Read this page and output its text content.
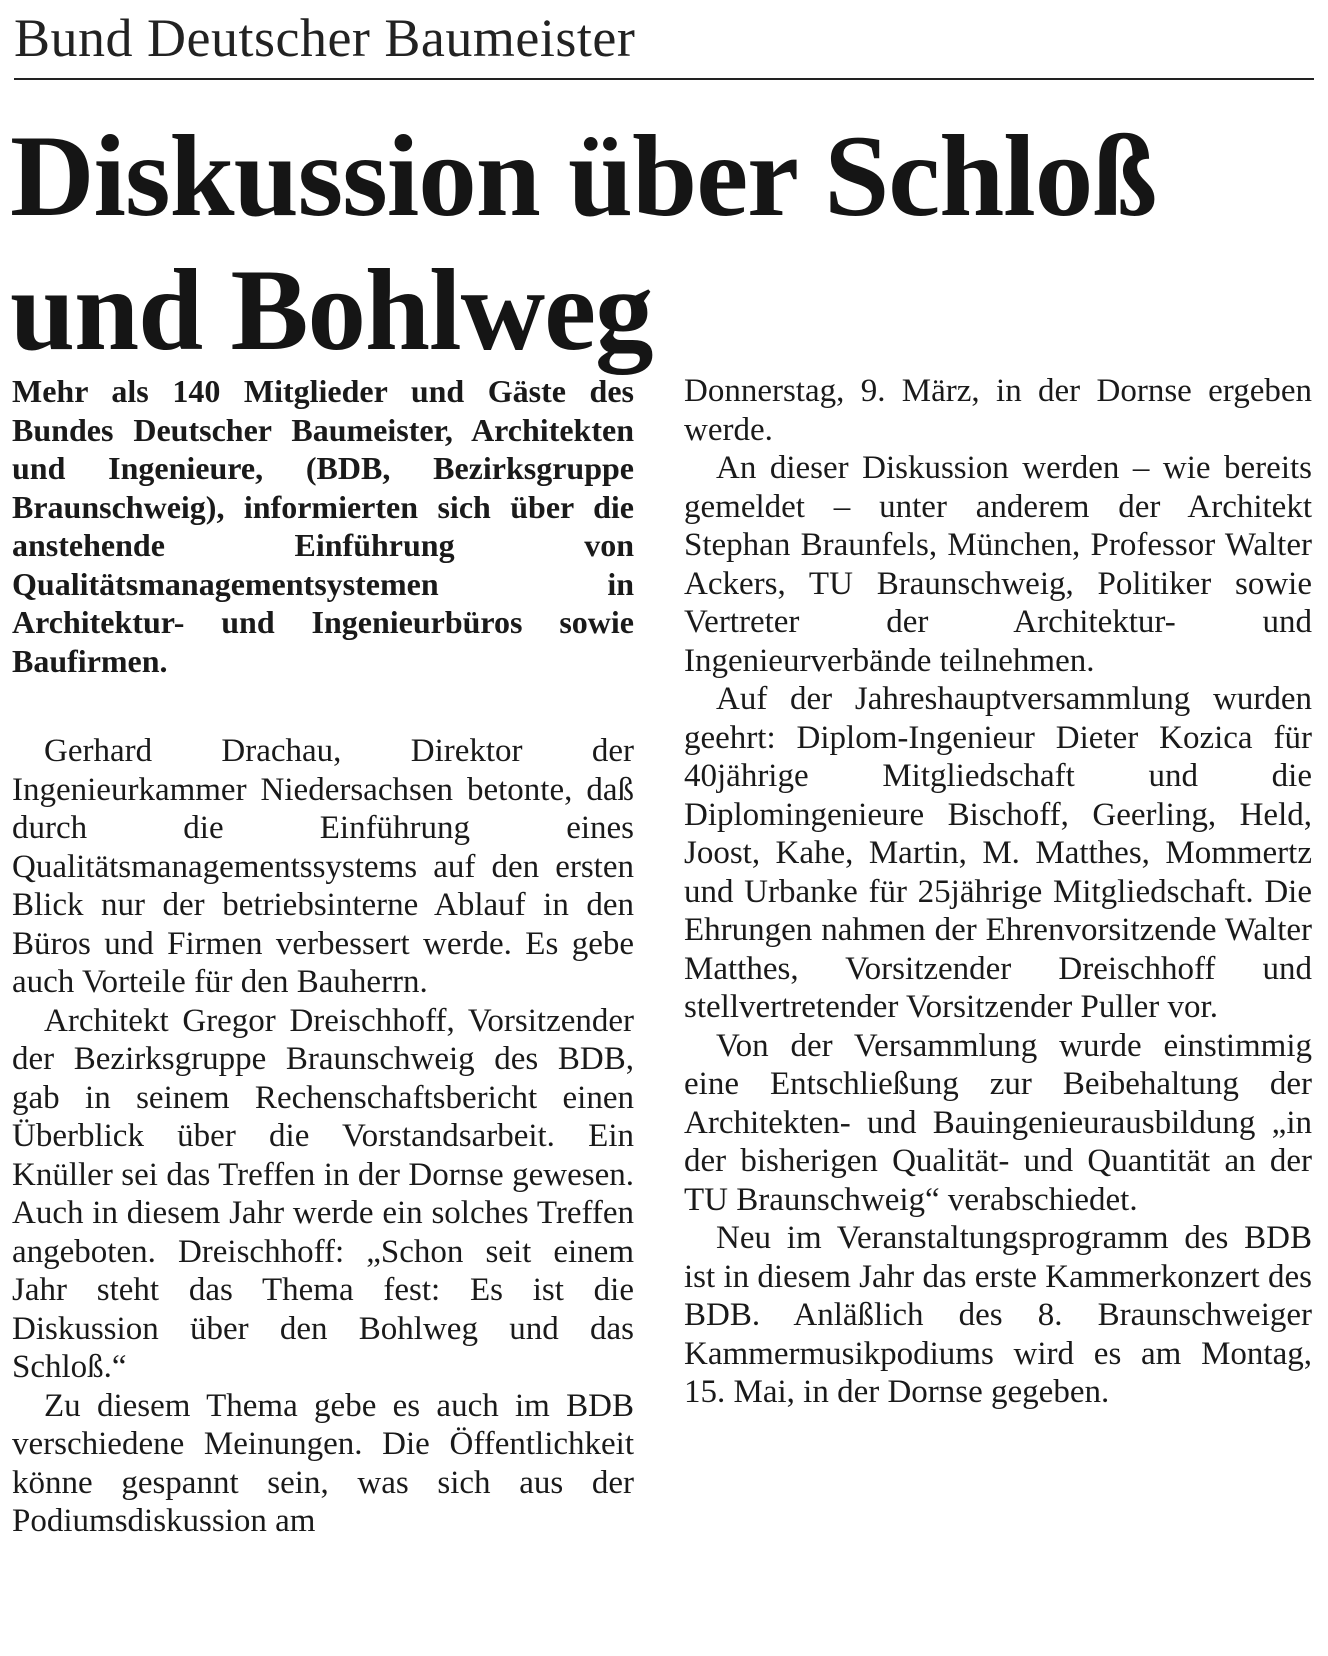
Bund Deutscher Baumeister
Diskussion über Schloß
und Bohlweg

Mehr als 140 Mitglieder und Gäste des Bundes Deutscher Baumeister, Architekten und Ingenieure, (BDB, Bezirksgruppe Braunschweig), informierten sich über die anstehende Einführung von Qualitätsmanagementsystemen in Architektur- und Ingenieurbüros sowie Baufirmen.

Gerhard Drachau, Direktor der Ingenieurkammer Niedersachsen betonte, daß durch die Einführung eines Qualitätsmanagementssystems auf den ersten Blick nur der betriebsinterne Ablauf in den Büros und Firmen verbessert werde. Es gebe auch Vorteile für den Bauherrn.

Architekt Gregor Dreischhoff, Vorsitzender der Bezirksgruppe Braunschweig des BDB, gab in seinem Rechenschaftsbericht einen Überblick über die Vorstandsarbeit. Ein Knüller sei das Treffen in der Dornse gewesen. Auch in diesem Jahr werde ein solches Treffen angeboten. Dreischhoff: „Schon seit einem Jahr steht das Thema fest: Es ist die Diskussion über den Bohlweg und das Schloß.“

Zu diesem Thema gebe es auch im BDB verschiedene Meinungen. Die Öffentlichkeit könne gespannt sein, was sich aus der Podiumsdiskussion am

Donnerstag, 9. März, in der Dornse ergeben werde.

An dieser Diskussion werden – wie bereits gemeldet – unter anderem der Architekt Stephan Braunfels, München, Professor Walter Ackers, TU Braunschweig, Politiker sowie Vertreter der Architektur- und Ingenieurverbände teilnehmen.

Auf der Jahreshauptversammlung wurden geehrt: Diplom-Ingenieur Dieter Kozica für 40jährige Mitgliedschaft und die Diplomingenieure Bischoff, Geerling, Held, Joost, Kahe, Martin, M. Matthes, Mommertz und Urbanke für 25jährige Mitgliedschaft. Die Ehrungen nahmen der Ehrenvorsitzende Walter Matthes, Vorsitzender Dreischhoff und stellvertretender Vorsitzender Puller vor.

Von der Versammlung wurde einstimmig eine Entschließung zur Beibehaltung der Architekten- und Bauingenieurausbildung „in der bisherigen Qualität- und Quantität an der TU Braunschweig“ verabschiedet.

Neu im Veranstaltungsprogramm des BDB ist in diesem Jahr das erste Kammerkonzert des BDB. Anläßlich des 8. Braunschweiger Kammermusikpodiums wird es am Montag, 15. Mai, in der Dornse gegeben.
